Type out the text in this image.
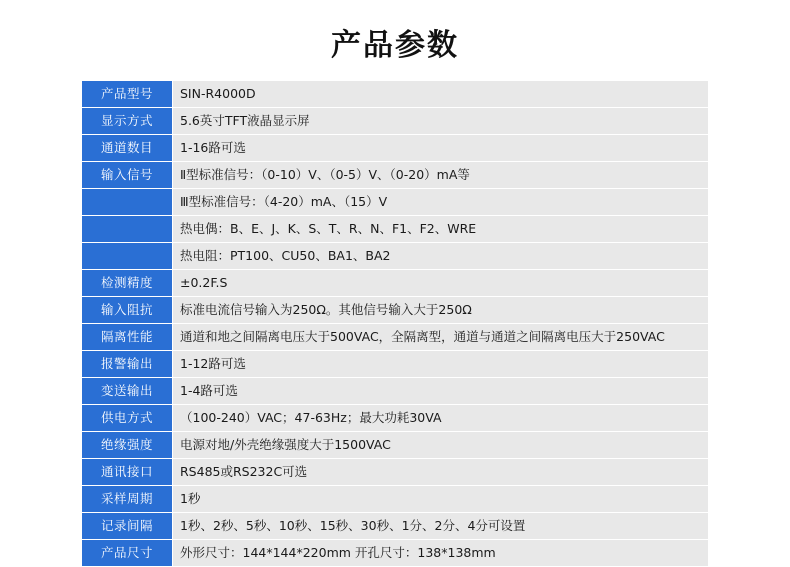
产品参数
产品型号	SIN-R4000D
显示方式	5.6英寸TFT液晶显示屏
通道数目	1-16路可选
输入信号	Ⅱ型标准信号：（0-10）V、（0-5）V、（0-20）mA等
	Ⅲ型标准信号：（4-20）mA、（15）V
	热电偶：B、E、J、K、S、T、R、N、F1、F2、WRE
	热电阻：PT100、CU50、BA1、BA2
检测精度	±0.2F.S
输入阻抗	标准电流信号输入为250Ω。其他信号输入大于250Ω
隔离性能	通道和地之间隔离电压大于500VAC，全隔离型，通道与通道之间隔离电压大于250VAC
报警输出	1-12路可选
变送输出	1-4路可选
供电方式	（100-240）VAC；47-63Hz；最大功耗30VA
绝缘强度	电源对地/外壳绝缘强度大于1500VAC
通讯接口	RS485或RS232C可选
采样周期	1秒
记录间隔	1秒、2秒、5秒、10秒、15秒、30秒、1分、2分、4分可设置
产品尺寸	外形尺寸：144*144*220mm 开孔尺寸：138*138mm
